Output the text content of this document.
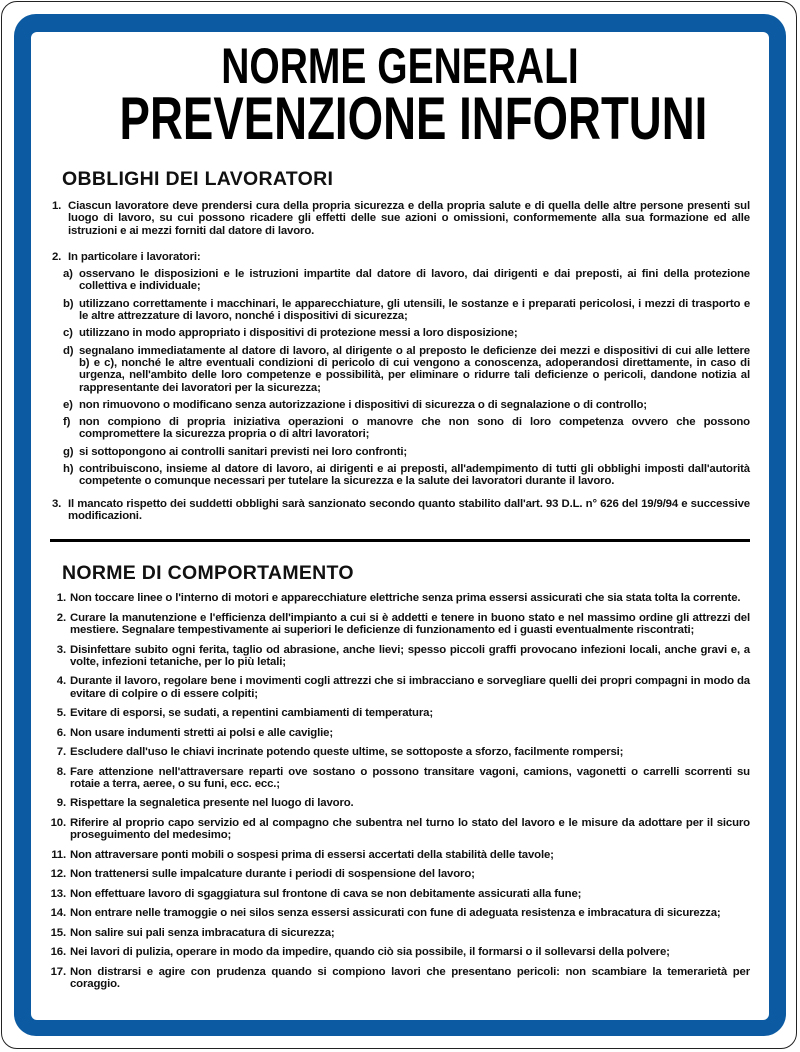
NORME GENERALI
PREVENZIONE INFORTUNI
OBBLIGHI DEI LAVORATORI
1. Ciascun lavoratore deve prendersi cura della propria sicurezza e della propria salute e di quella delle altre persone presenti sul luogo di lavoro, su cui possono ricadere gli effetti delle sue azioni o omissioni, conformemente alla sua formazione ed alle istruzioni e ai mezzi forniti dal datore di lavoro.
2. In particolare i lavoratori:
a) osservano le disposizioni e le istruzioni impartite dal datore di lavoro, dai dirigenti e dai preposti, ai fini della protezione collettiva e individuale;
b) utilizzano correttamente i macchinari, le apparecchiature, gli utensili, le sostanze e i preparati pericolosi, i mezzi di trasporto e le altre attrezzature di lavoro, nonché i dispositivi di sicurezza;
c) utilizzano in modo appropriato i dispositivi di protezione messi a loro disposizione;
d) segnalano immediatamente al datore di lavoro, al dirigente o al preposto le deficienze dei mezzi e dispositivi di cui alle lettere b) e c), nonché le altre eventuali condizioni di pericolo di cui vengono a conoscenza, adoperandosi direttamente, in caso di urgenza, nell'ambito delle loro competenze e possibilità, per eliminare o ridurre tali deficienze o pericoli, dandone notizia al rappresentante dei lavoratori per la sicurezza;
e) non rimuovono o modificano senza autorizzazione i dispositivi di sicurezza o di segnalazione o di controllo;
f) non compiono di propria iniziativa operazioni o manovre che non sono di loro competenza ovvero che possono compromettere la sicurezza propria o di altri lavoratori;
g) si sottopongono ai controlli sanitari previsti nei loro confronti;
h) contribuiscono, insieme al datore di lavoro, ai dirigenti e ai preposti, all'adempimento di tutti gli obblighi imposti dall'autorità competente o comunque necessari per tutelare la sicurezza e la salute dei lavoratori durante il lavoro.
3. Il mancato rispetto dei suddetti obblighi sarà sanzionato secondo quanto stabilito dall'art. 93 D.L. n° 626 del 19/9/94 e successive modificazioni.
NORME DI COMPORTAMENTO
1. Non toccare linee o l'interno di motori e apparecchiature elettriche senza prima essersi assicurati che sia stata tolta la corrente.
2. Curare la manutenzione e l'efficienza dell'impianto a cui si è addetti e tenere in buono stato e nel massimo ordine gli attrezzi del mestiere. Segnalare tempestivamente ai superiori le deficienze di funzionamento ed i guasti eventualmente riscontrati;
3. Disinfettare subito ogni ferita, taglio od abrasione, anche lievi; spesso piccoli graffi provocano infezioni locali, anche gravi e, a volte, infezioni tetaniche, per lo più letali;
4. Durante il lavoro, regolare bene i movimenti cogli attrezzi che si imbracciano e sorvegliare quelli dei propri compagni in modo da evitare di colpire o di essere colpiti;
5. Evitare di esporsi, se sudati, a repentini cambiamenti di temperatura;
6. Non usare indumenti stretti ai polsi e alle caviglie;
7. Escludere dall'uso le chiavi incrinate potendo queste ultime, se sottoposte a sforzo, facilmente rompersi;
8. Fare attenzione nell'attraversare reparti ove sostano o possono transitare vagoni, camions, vagonetti o carrelli scorrenti su rotaie a terra, aeree, o su funi, ecc. ecc.;
9. Rispettare la segnaletica presente nel luogo di lavoro.
10. Riferire al proprio capo servizio ed al compagno che subentra nel turno lo stato del lavoro e le misure da adottare per il sicuro proseguimento del medesimo;
11. Non attraversare ponti mobili o sospesi prima di essersi accertati della stabilità delle tavole;
12. Non trattenersi sulle impalcature durante i periodi di sospensione del lavoro;
13. Non effettuare lavoro di sgaggiatura sul frontone di cava se non debitamente assicurati alla fune;
14. Non entrare nelle tramoggie o nei silos senza essersi assicurati con fune di adeguata resistenza e imbracatura di sicurezza;
15. Non salire sui pali senza imbracatura di sicurezza;
16. Nei lavori di pulizia, operare in modo da impedire, quando ciò sia possibile, il formarsi o il sollevarsi della polvere;
17. Non distrarsi e agire con prudenza quando si compiono lavori che presentano pericoli: non scambiare la temerarietà per coraggio.
